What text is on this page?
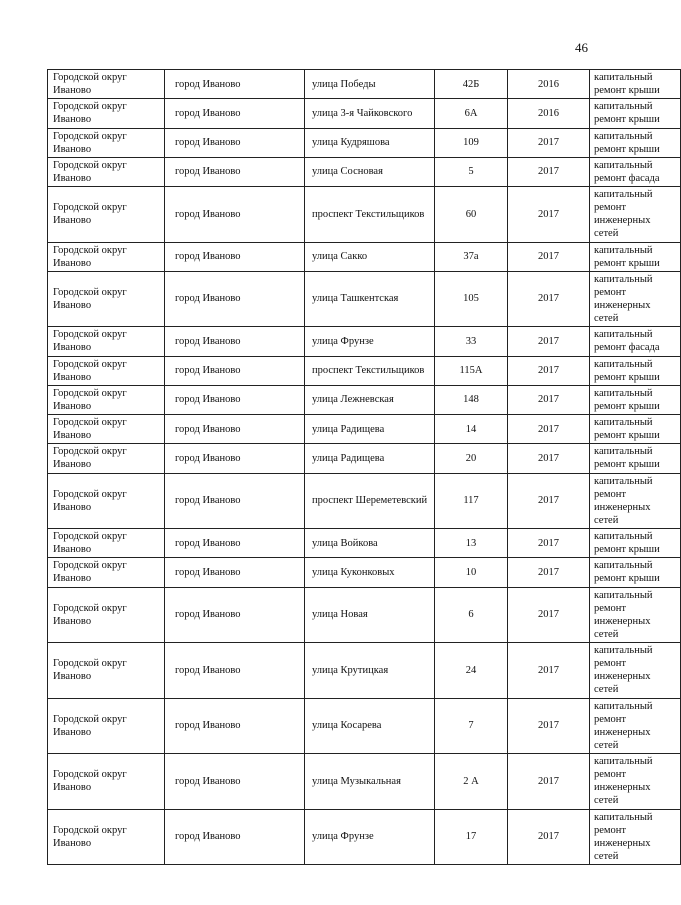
46
Городской округ Иваново	город Иваново	улица Победы	42Б	2016	капитальный ремонт крыши
Городской округ Иваново	город Иваново	улица 3-я Чайковского	6А	2016	капитальный ремонт крыши
Городской округ Иваново	город Иваново	улица Кудряшова	109	2017	капитальный ремонт крыши
Городской округ Иваново	город Иваново	улица Сосновая	5	2017	капитальный ремонт фасада
Городской округ Иваново	город Иваново	проспект Текстильщиков	60	2017	капитальный ремонт инженерных сетей
Городской округ Иваново	город Иваново	улица Сакко	37а	2017	капитальный ремонт крыши
Городской округ Иваново	город Иваново	улица Ташкентская	105	2017	капитальный ремонт инженерных сетей
Городской округ Иваново	город Иваново	улица Фрунзе	33	2017	капитальный ремонт фасада
Городской округ Иваново	город Иваново	проспект Текстильщиков	115А	2017	капитальный ремонт крыши
Городской округ Иваново	город Иваново	улица Лежневская	148	2017	капитальный ремонт крыши
Городской округ Иваново	город Иваново	улица Радищева	14	2017	капитальный ремонт крыши
Городской округ Иваново	город Иваново	улица Радищева	20	2017	капитальный ремонт крыши
Городской округ Иваново	город Иваново	проспект Шереметевский	117	2017	капитальный ремонт инженерных сетей
Городской округ Иваново	город Иваново	улица Войкова	13	2017	капитальный ремонт крыши
Городской округ Иваново	город Иваново	улица Куконковых	10	2017	капитальный ремонт крыши
Городской округ Иваново	город Иваново	улица Новая	6	2017	капитальный ремонт инженерных сетей
Городской округ Иваново	город Иваново	улица Крутицкая	24	2017	капитальный ремонт инженерных сетей
Городской округ Иваново	город Иваново	улица Косарева	7	2017	капитальный ремонт инженерных сетей
Городской округ Иваново	город Иваново	улица Музыкальная	2 А	2017	капитальный ремонт инженерных сетей
Городской округ Иваново	город Иваново	улица Фрунзе	17	2017	капитальный ремонт инженерных сетей
